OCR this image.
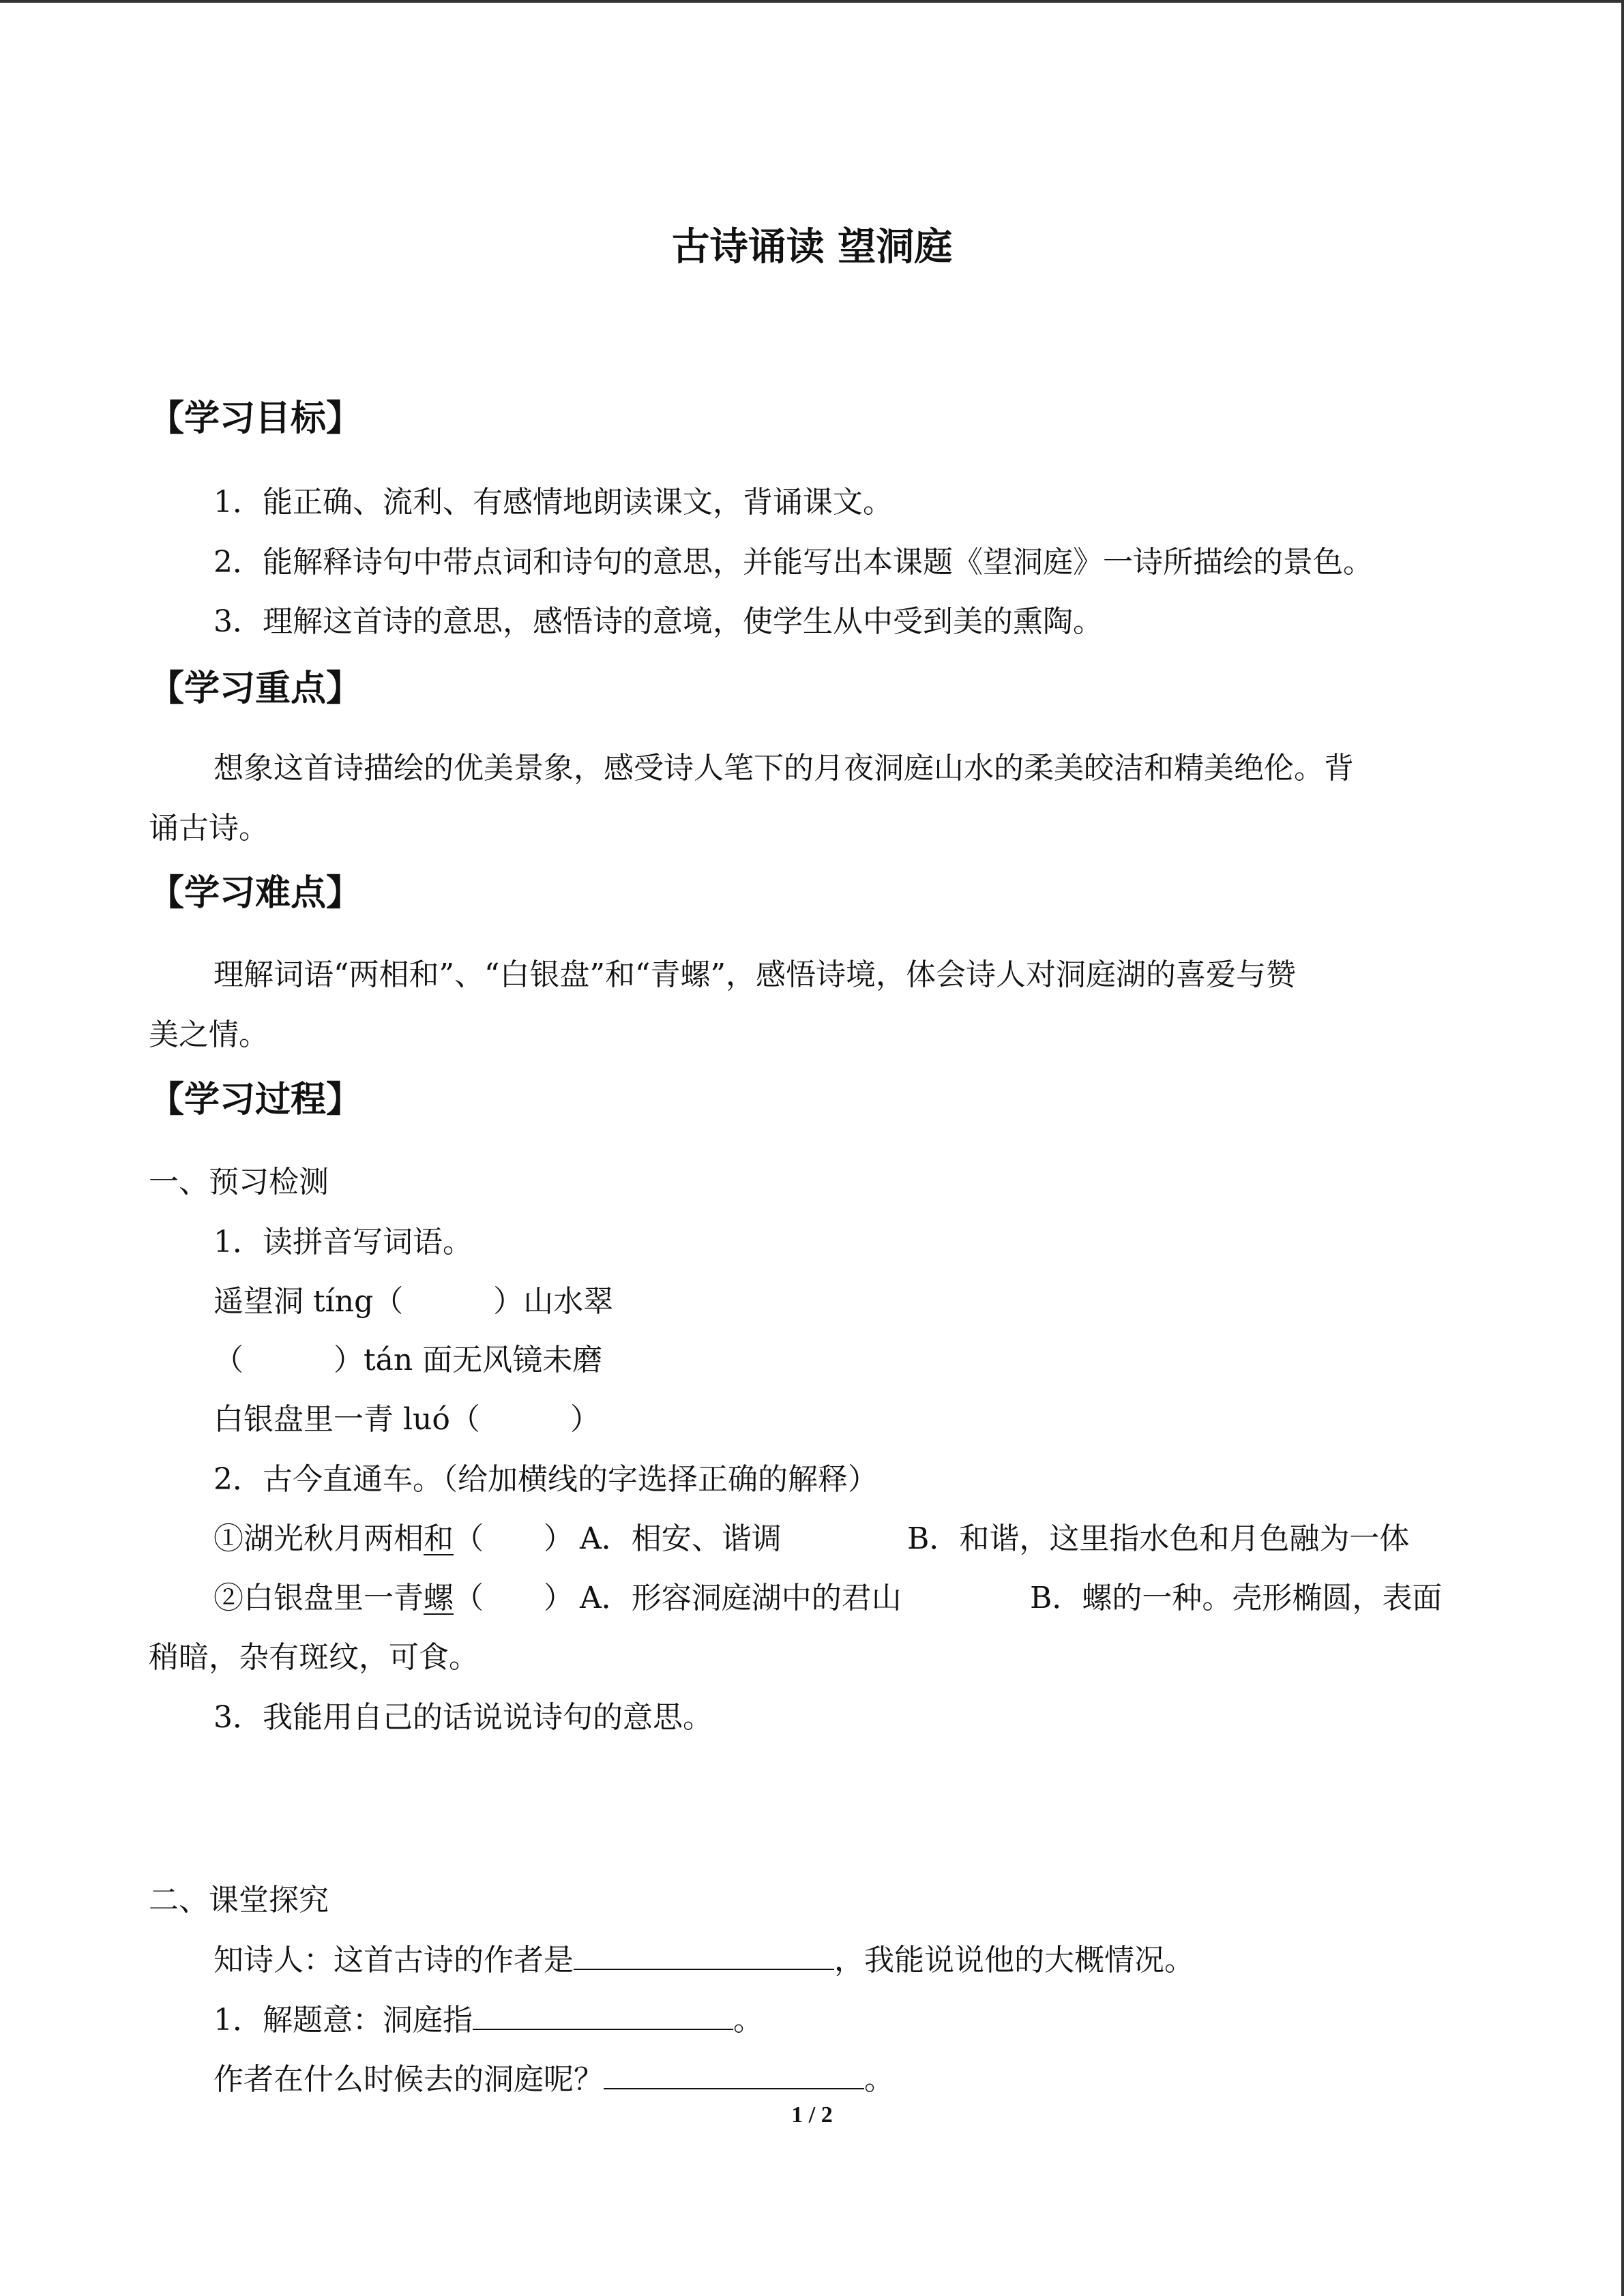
古诗诵读 望洞庭
【学习目标】
1．能正确、流利、有感情地朗读课文，背诵课文。
2．能解释诗句中带点词和诗句的意思，并能写出本课题《望洞庭》一诗所描绘的景色。
3．理解这首诗的意思，感悟诗的意境，使学生从中受到美的熏陶。
【学习重点】
想象这首诗描绘的优美景象，感受诗人笔下的月夜洞庭山水的柔美皎洁和精美绝伦。背
诵古诗。
【学习难点】
理解词语“两相和”、“白银盘”和“青螺”，感悟诗境，体会诗人对洞庭湖的喜爱与赞
美之情。
【学习过程】
一、预习检测
1．读拼音写词语。
遥望洞 tíng（　　　）山水翠
（　　　）tán 面无风镜未磨
白银盘里一青 luó（　　　）
2．古今直通车。（给加横线的字选择正确的解释）
①湖光秋月两相和（　　） A．相安、谐调	B．和谐，这里指水色和月色融为一体
②白银盘里一青螺（　　） A．形容洞庭湖中的君山	B．螺的一种。壳形椭圆，表面
稍暗，杂有斑纹，可食。
3．我能用自己的话说说诗句的意思。
二、课堂探究
知诗人：这首古诗的作者是	，我能说说他的大概情况。
1．解题意：洞庭指	。
作者在什么时候去的洞庭呢？	。
1 / 2
